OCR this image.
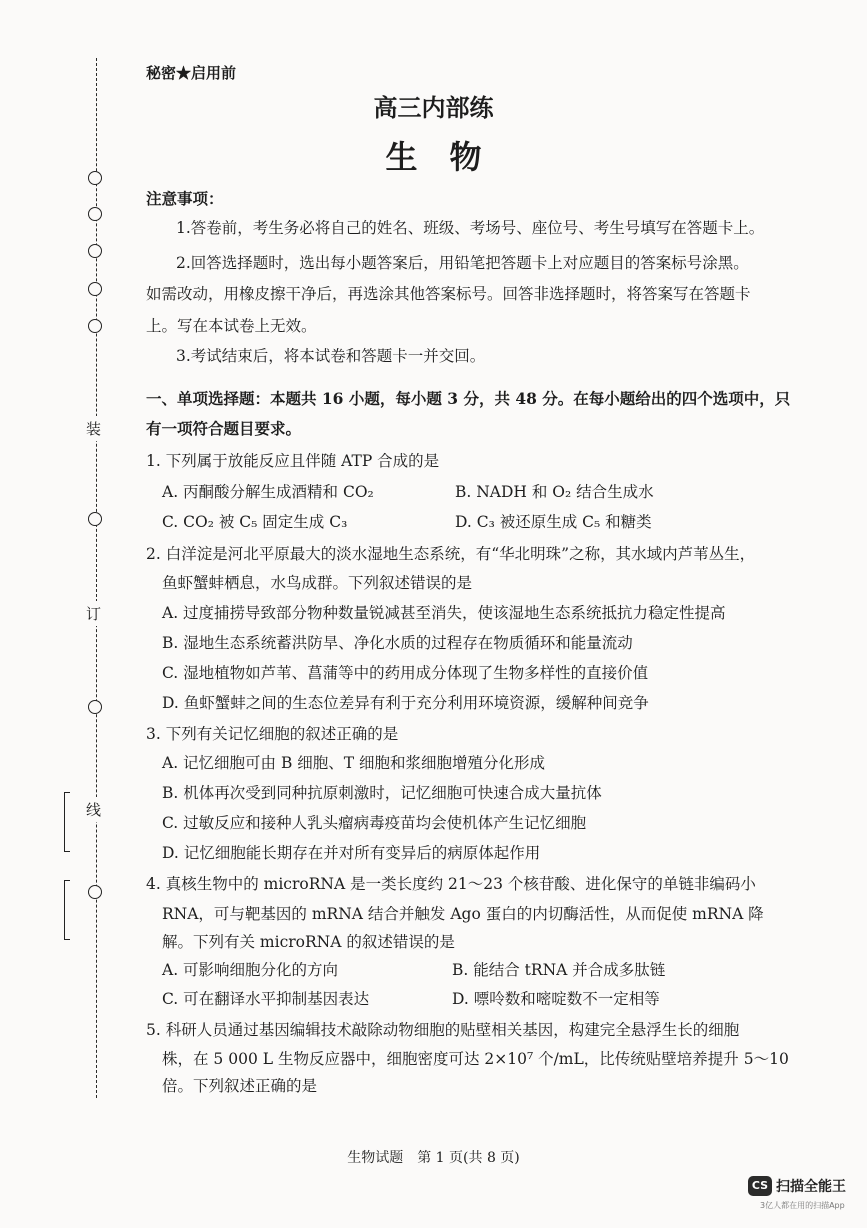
装
订
线
秘密★启用前
高三内部练
生　物
注意事项：
1.答卷前，考生务必将自己的姓名、班级、考场号、座位号、考生号填写在答题卡上。
2.回答选择题时，选出每小题答案后，用铅笔把答题卡上对应题目的答案标号涂黑。
如需改动，用橡皮擦干净后，再选涂其他答案标号。回答非选择题时，将答案写在答题卡
上。写在本试卷上无效。
3.考试结束后，将本试卷和答题卡一并交回。
一、单项选择题：本题共 16 小题，每小题 3 分，共 48 分。在每小题给出的四个选项中，只
有一项符合题目要求。
1. 下列属于放能反应且伴随 ATP 合成的是
A. 丙酮酸分解生成酒精和 CO₂	B. NADH 和 O₂ 结合生成水
C. CO₂ 被 C₅ 固定生成 C₃	D. C₃ 被还原生成 C₅ 和糖类
2. 白洋淀是河北平原最大的淡水湿地生态系统，有“华北明珠”之称，其水域内芦苇丛生，
鱼虾蟹蚌栖息，水鸟成群。下列叙述错误的是
A. 过度捕捞导致部分物种数量锐减甚至消失，使该湿地生态系统抵抗力稳定性提高
B. 湿地生态系统蓄洪防旱、净化水质的过程存在物质循环和能量流动
C. 湿地植物如芦苇、菖蒲等中的药用成分体现了生物多样性的直接价值
D. 鱼虾蟹蚌之间的生态位差异有利于充分利用环境资源，缓解种间竞争
3. 下列有关记忆细胞的叙述正确的是
A. 记忆细胞可由 B 细胞、T 细胞和浆细胞增殖分化形成
B. 机体再次受到同种抗原刺激时，记忆细胞可快速合成大量抗体
C. 过敏反应和接种人乳头瘤病毒疫苗均会使机体产生记忆细胞
D. 记忆细胞能长期存在并对所有变异后的病原体起作用
4. 真核生物中的 microRNA 是一类长度约 21～23 个核苷酸、进化保守的单链非编码小
RNA，可与靶基因的 mRNA 结合并触发 Ago 蛋白的内切酶活性，从而促使 mRNA 降
解。下列有关 microRNA 的叙述错误的是
A. 可影响细胞分化的方向	B. 能结合 tRNA 并合成多肽链
C. 可在翻译水平抑制基因表达	D. 嘌呤数和嘧啶数不一定相等
5. 科研人员通过基因编辑技术敲除动物细胞的贴壁相关基因，构建完全悬浮生长的细胞
株，在 5 000 L 生物反应器中，细胞密度可达 2×10⁷ 个/mL，比传统贴壁培养提升 5～10
倍。下列叙述正确的是
生物试题　第 1 页(共 8 页)
CS 扫描全能王
3亿人都在用的扫描App
